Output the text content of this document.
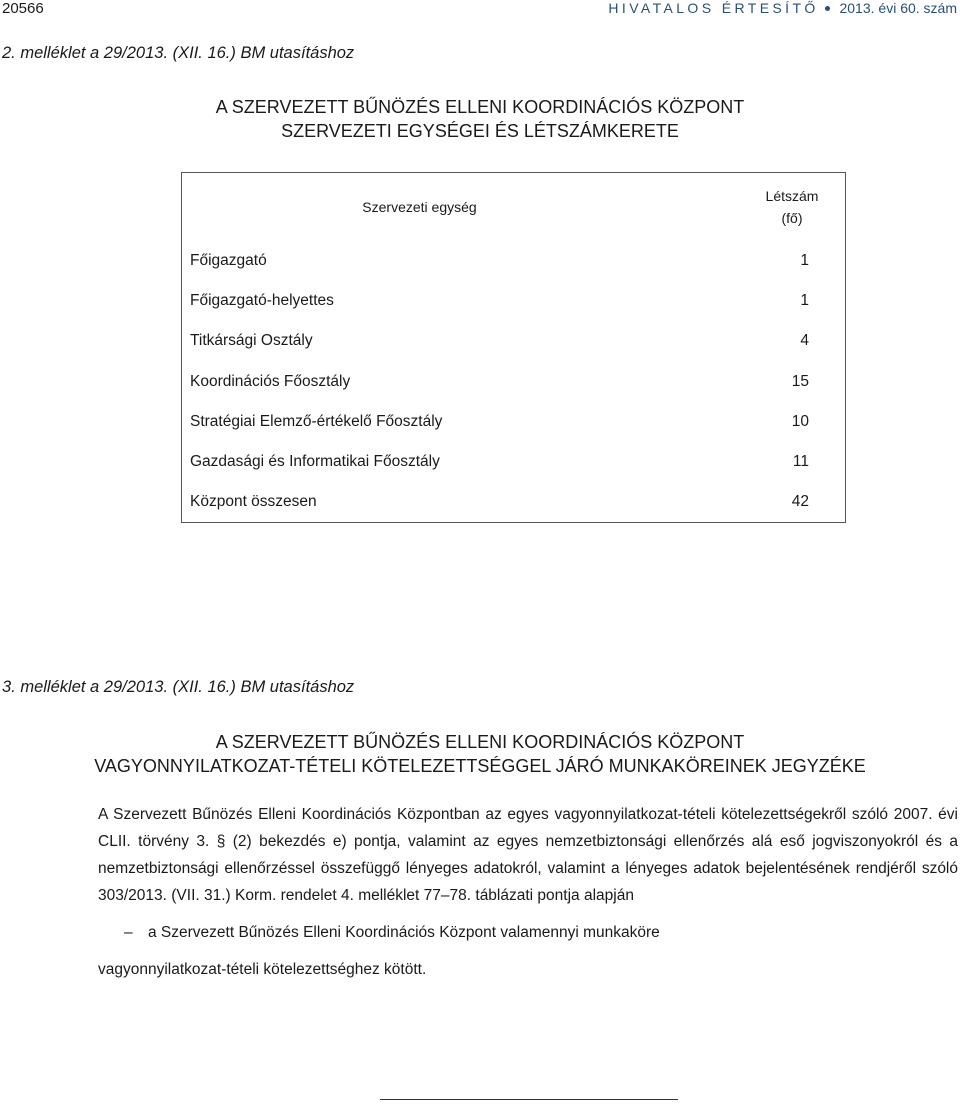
20566	HIVATALOS ÉRTESÍTŐ 2013. évi 60. szám
2. melléklet a 29/2013. (XII. 16.) BM utasításhoz
A SZERVEZETT BŰNÖZÉS ELLENI KOORDINÁCIÓS KÖZPONT
SZERVEZETI EGYSÉGEI ÉS LÉTSZÁMKERETE
Szervezeti egység	Létszám
(fő)

Főigazgató	1
Főigazgató-helyettes	1
Titkársági Osztály	4
Koordinációs Főosztály	15
Stratégiai Elemző-értékelő Főosztály	10
Gazdasági és Informatikai Főosztály	11
Központ összesen	42
3. melléklet a 29/2013. (XII. 16.) BM utasításhoz
A SZERVEZETT BŰNÖZÉS ELLENI KOORDINÁCIÓS KÖZPONT
VAGYONNYILATKOZAT-TÉTELI KÖTELEZETTSÉGGEL JÁRÓ MUNKAKÖREINEK JEGYZÉKE
A Szervezett Bűnözés Elleni Koordinációs Központban az egyes vagyonnyilatkozat-tételi kötelezettségekről szóló 2007. évi CLII. törvény 3. § (2) bekezdés e) pontja, valamint az egyes nemzetbiztonsági ellenőrzés alá eső jogviszonyokról és a nemzetbiztonsági ellenőrzéssel összefüggő lényeges adatokról, valamint a lényeges adatok bejelentésének rendjéről szóló 303/2013. (VII. 31.) Korm. rendelet 4. melléklet 77–78. táblázati pontja alapján
– a Szervezett Bűnözés Elleni Koordinációs Központ valamennyi munkaköre
vagyonnyilatkozat-tételi kötelezettséghez kötött.
